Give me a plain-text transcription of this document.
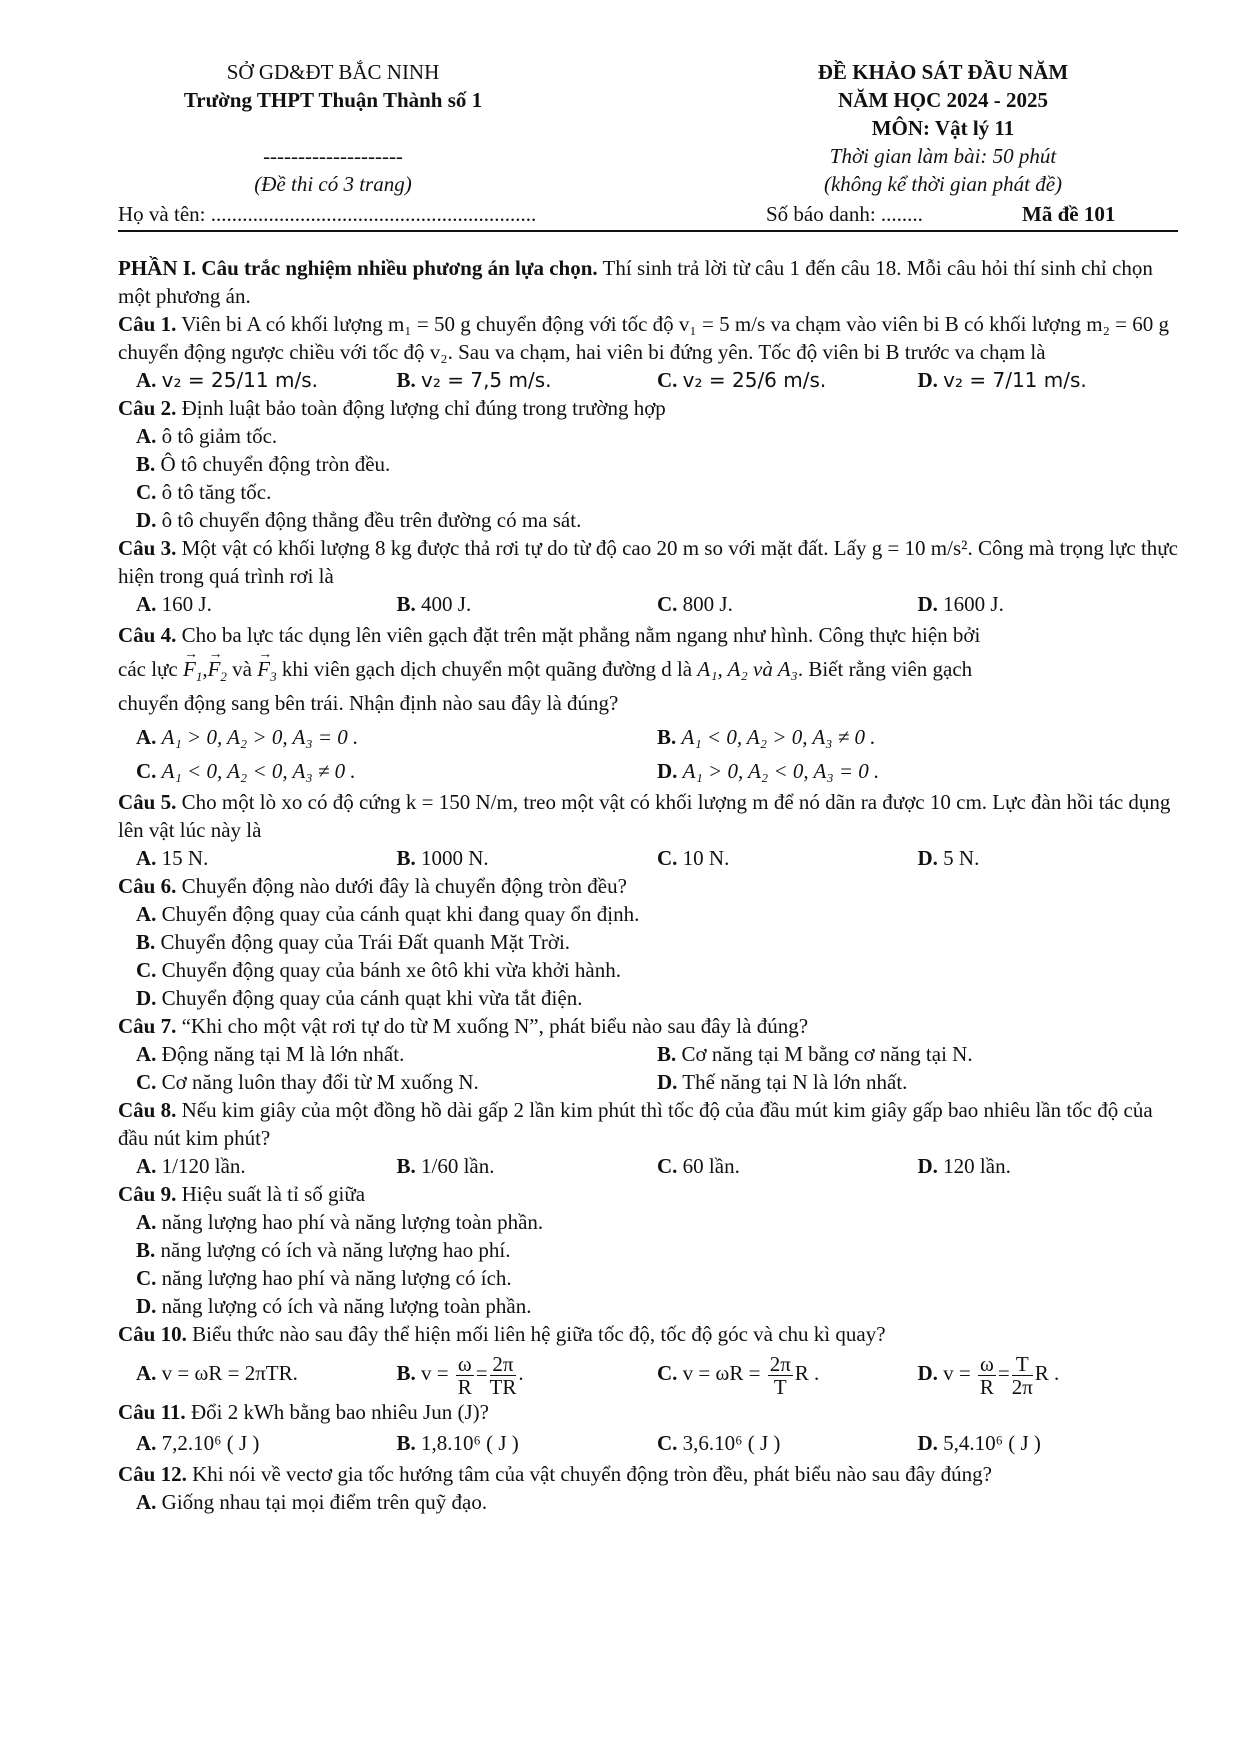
SỞ GD&ĐT BẮC NINH
Trường THPT Thuận Thành số 1
--------------------
(Đề thi có 3 trang)
ĐỀ KHẢO SÁT ĐẦU NĂM
NĂM HỌC 2024 - 2025
MÔN: Vật lý 11
Thời gian làm bài: 50 phút
(không kể thời gian phát đề)
Họ và tên: ..............................................................	Số báo danh: ........	Mã đề 101

PHẦN I. Câu trắc nghiệm nhiều phương án lựa chọn. Thí sinh trả lời từ câu 1 đến câu 18. Mỗi câu hỏi thí sinh chỉ chọn một phương án.

Câu 1. Viên bi A có khối lượng m₁ = 50 g chuyển động với tốc độ v₁ = 5 m/s va chạm vào viên bi B có khối lượng m₂ = 60 g chuyển động ngược chiều với tốc độ v₂. Sau va chạm, hai viên bi đứng yên. Tốc độ viên bi B trước va chạm là

A. v₂ = 25/11 m/s.	B. v₂ = 7,5 m/s.	C. v₂ = 25/6 m/s.	D. v₂ = 7/11 m/s.

Câu 2. Định luật bảo toàn động lượng chỉ đúng trong trường hợp

A. ô tô giảm tốc.
B. Ô tô chuyển động tròn đều.
C. ô tô tăng tốc.
D. ô tô chuyển động thẳng đều trên đường có ma sát.

Câu 3. Một vật có khối lượng 8 kg được thả rơi tự do từ độ cao 20 m so với mặt đất. Lấy g = 10 m/s². Công mà trọng lực thực hiện trong quá trình rơi là

A. 160 J.	B. 400 J.	C. 800 J.	D. 1600 J.

Câu 4. Cho ba lực tác dụng lên viên gạch đặt trên mặt phẳng nằm ngang như hình. Công thực hiện bởi

các lực → $F_1,\to F_2$ và → $F_3$ khi viên gạch dịch chuyển một quãng đường d là A₁, A₂ và A₃. Biết rằng viên gạch

chuyển động sang bên trái. Nhận định nào sau đây là đúng?

A. A₁ > 0, A₂ > 0, A₃ = 0 .	B. A₁ < 0, A₂ > 0, A₃ ≠ 0 .
C. A₁ < 0, A₂ < 0, A₃ ≠ 0 .	D. A₁ > 0, A₂ < 0, A₃ = 0 .

Câu 5. Cho một lò xo có độ cứng k = 150 N/m, treo một vật có khối lượng m để nó dãn ra được 10 cm. Lực đàn hồi tác dụng lên vật lúc này là

A. 15 N.	B. 1000 N.	C. 10 N.	D. 5 N.

Câu 6. Chuyển động nào dưới đây là chuyển động tròn đều?

A. Chuyển động quay của cánh quạt khi đang quay ổn định.
B. Chuyển động quay của Trái Đất quanh Mặt Trời.
C. Chuyển động quay của bánh xe ôtô khi vừa khởi hành.
D. Chuyển động quay của cánh quạt khi vừa tắt điện.

Câu 7. “Khi cho một vật rơi tự do từ M xuống N”, phát biểu nào sau đây là đúng?

A. Động năng tại M là lớn nhất.	B. Cơ năng tại M bằng cơ năng tại N.
C. Cơ năng luôn thay đổi từ M xuống N.	D. Thế năng tại N là lớn nhất.

Câu 8. Nếu kim giây của một đồng hồ dài gấp 2 lần kim phút thì tốc độ của đầu mút kim giây gấp bao nhiêu lần tốc độ của đầu nút kim phút?

A. 1/120 lần.	B. 1/60 lần.	C. 60 lần.	D. 120 lần.

Câu 9. Hiệu suất là tỉ số giữa

A. năng lượng hao phí và năng lượng toàn phần.
B. năng lượng có ích và năng lượng hao phí.
C. năng lượng hao phí và năng lượng có ích.
D. năng lượng có ích và năng lượng toàn phần.

Câu 10. Biểu thức nào sau đây thể hiện mối liên hệ giữa tốc độ, tốc độ góc và chu kì quay?

A. v = ωR = 2πTR.	B. $v = \frac{\omega}{R} = \frac{2\pi}{TR}$ .	C. $v = \omega R = \frac{2\pi}{T}$ R .	D. $v = \frac{\omega}{R} = \frac{T}{2\pi}$ R .

Câu 11. Đổi 2 kWh bằng bao nhiêu Jun (J)?

A. 7,2.10⁶ ( J )	B. 1,8.10⁶ ( J )	C. 3,6.10⁶ ( J )	D. 5,4.10⁶ ( J )

Câu 12. Khi nói về vectơ gia tốc hướng tâm của vật chuyển động tròn đều, phát biểu nào sau đây đúng?

A. Giống nhau tại mọi điểm trên quỹ đạo.
